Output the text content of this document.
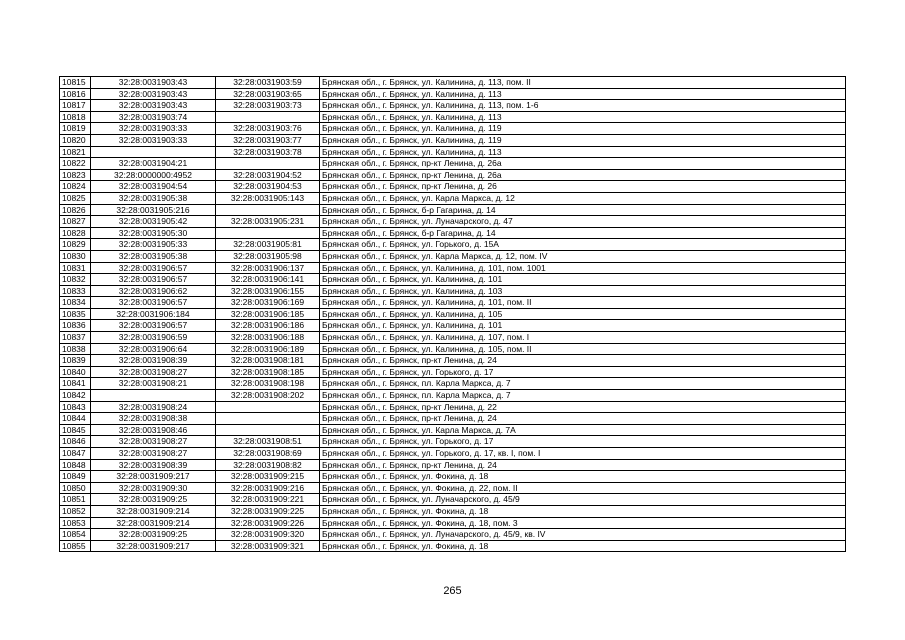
10815	32:28:0031903:43	32:28:0031903:59	Брянская обл., г. Брянск, ул. Калинина, д. 113, пом. II
10816	32:28:0031903:43	32:28:0031903:65	Брянская обл., г. Брянск, ул. Калинина, д. 113
10817	32:28:0031903:43	32:28:0031903:73	Брянская обл., г. Брянск, ул. Калинина, д. 113, пом. 1-6
10818	32:28:0031903:74		Брянская обл., г. Брянск, ул. Калинина, д. 113
10819	32:28:0031903:33	32:28:0031903:76	Брянская обл., г. Брянск, ул. Калинина, д. 119
10820	32:28:0031903:33	32:28:0031903:77	Брянская обл., г. Брянск, ул. Калинина, д. 119
10821		32:28:0031903:78	Брянская обл., г. Брянск, ул. Калинина, д. 113
10822	32:28:0031904:21		Брянская обл., г. Брянск, пр-кт Ленина, д. 26а
10823	32:28:0000000:4952	32:28:0031904:52	Брянская обл., г. Брянск, пр-кт Ленина, д. 26а
10824	32:28:0031904:54	32:28:0031904:53	Брянская обл., г. Брянск, пр-кт Ленина, д. 26
10825	32:28:0031905:38	32:28:0031905:143	Брянская обл., г. Брянск, ул. Карла Маркса, д. 12
10826	32:28:0031905:216		Брянская обл., г. Брянск, б-р Гагарина, д. 14
10827	32:28:0031905:42	32:28:0031905:231	Брянская обл., г. Брянск, ул. Луначарского, д. 47
10828	32:28:0031905:30		Брянская обл., г. Брянск, б-р Гагарина, д. 14
10829	32:28:0031905:33	32:28:0031905:81	Брянская обл., г. Брянск, ул. Горького, д. 15А
10830	32:28:0031905:38	32:28:0031905:98	Брянская обл., г. Брянск, ул. Карла Маркса, д. 12, пом. IV
10831	32:28:0031906:57	32:28:0031906:137	Брянская обл., г. Брянск, ул. Калинина, д. 101, пом. 1001
10832	32:28:0031906:57	32:28:0031906:141	Брянская обл., г. Брянск, ул. Калинина, д. 101
10833	32:28:0031906:62	32:28:0031906:155	Брянская обл., г. Брянск, ул. Калинина, д. 103
10834	32:28:0031906:57	32:28:0031906:169	Брянская обл., г. Брянск, ул. Калинина, д. 101, пом. II
10835	32:28:0031906:184	32:28:0031906:185	Брянская обл., г. Брянск, ул. Калинина, д. 105
10836	32:28:0031906:57	32:28:0031906:186	Брянская обл., г. Брянск, ул. Калинина, д. 101
10837	32:28:0031906:59	32:28:0031906:188	Брянская обл., г. Брянск, ул. Калинина, д. 107, пом. I
10838	32:28:0031906:64	32:28:0031906:189	Брянская обл., г. Брянск, ул. Калинина, д. 105, пом. II
10839	32:28:0031908:39	32:28:0031908:181	Брянская обл., г. Брянск, пр-кт Ленина, д. 24
10840	32:28:0031908:27	32:28:0031908:185	Брянская обл., г. Брянск, ул. Горького, д. 17
10841	32:28:0031908:21	32:28:0031908:198	Брянская обл., г. Брянск, пл. Карла Маркса, д. 7
10842		32:28:0031908:202	Брянская обл., г. Брянск, пл. Карла Маркса, д. 7
10843	32:28:0031908:24		Брянская обл., г. Брянск, пр-кт Ленина, д. 22
10844	32:28:0031908:38		Брянская обл., г. Брянск, пр-кт Ленина, д. 24
10845	32:28:0031908:46		Брянская обл., г. Брянск, ул. Карла Маркса, д. 7А
10846	32:28:0031908:27	32:28:0031908:51	Брянская обл., г. Брянск, ул. Горького, д. 17
10847	32:28:0031908:27	32:28:0031908:69	Брянская обл., г. Брянск, ул. Горького, д. 17, кв. I, пом. I
10848	32:28:0031908:39	32:28:0031908:82	Брянская обл., г. Брянск, пр-кт Ленина, д. 24
10849	32:28:0031909:217	32:28:0031909:215	Брянская обл., г. Брянск, ул. Фокина, д. 18
10850	32:28:0031909:30	32:28:0031909:216	Брянская обл., г. Брянск, ул. Фокина, д. 22, пом. II
10851	32:28:0031909:25	32:28:0031909:221	Брянская обл., г. Брянск, ул. Луначарского, д. 45/9
10852	32:28:0031909:214	32:28:0031909:225	Брянская обл., г. Брянск, ул. Фокина, д. 18
10853	32:28:0031909:214	32:28:0031909:226	Брянская обл., г. Брянск, ул. Фокина, д. 18, пом. 3
10854	32:28:0031909:25	32:28:0031909:320	Брянская обл., г. Брянск, ул. Луначарского, д. 45/9, кв. IV
10855	32:28:0031909:217	32:28:0031909:321	Брянская обл., г. Брянск, ул. Фокина, д. 18
265
